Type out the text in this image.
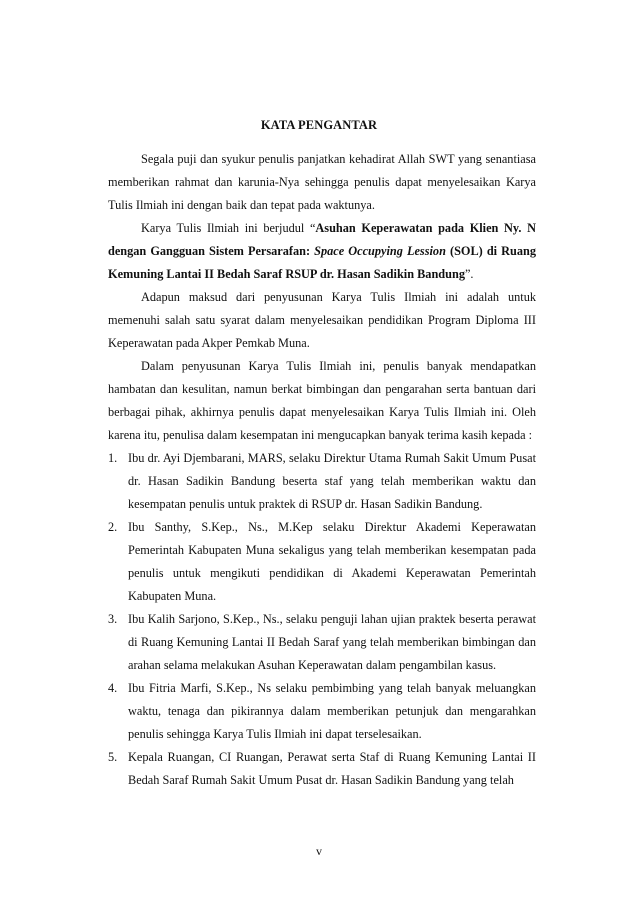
KATA PENGANTAR

Segala puji dan syukur penulis panjatkan kehadirat Allah SWT yang senantiasa memberikan rahmat dan karunia-Nya sehingga penulis dapat menyelesaikan Karya Tulis Ilmiah ini dengan baik dan tepat pada waktunya.

Karya Tulis Ilmiah ini berjudul “Asuhan Keperawatan pada Klien Ny. N dengan Gangguan Sistem Persarafan: Space Occupying Lession (SOL) di Ruang Kemuning Lantai II Bedah Saraf RSUP dr. Hasan Sadikin Bandung”.

Adapun maksud dari penyusunan Karya Tulis Ilmiah ini adalah untuk memenuhi salah satu syarat dalam menyelesaikan pendidikan Program Diploma III Keperawatan pada Akper Pemkab Muna.

Dalam penyusunan Karya Tulis Ilmiah ini, penulis banyak mendapatkan hambatan dan kesulitan, namun berkat bimbingan dan pengarahan serta bantuan dari berbagai pihak, akhirnya penulis dapat menyelesaikan Karya Tulis Ilmiah ini. Oleh karena itu, penulisa dalam kesempatan ini mengucapkan banyak terima kasih kepada :

1. Ibu dr. Ayi Djembarani, MARS, selaku Direktur Utama Rumah Sakit Umum Pusat dr. Hasan Sadikin Bandung beserta staf yang telah memberikan waktu dan kesempatan penulis untuk praktek di RSUP dr. Hasan Sadikin Bandung.
2. Ibu Santhy, S.Kep., Ns., M.Kep selaku Direktur Akademi Keperawatan Pemerintah Kabupaten Muna sekaligus yang telah memberikan kesempatan pada penulis untuk mengikuti pendidikan di Akademi Keperawatan Pemerintah Kabupaten Muna.
3. Ibu Kalih Sarjono, S.Kep., Ns., selaku penguji lahan ujian praktek beserta perawat di Ruang Kemuning Lantai II Bedah Saraf yang telah memberikan bimbingan dan arahan selama melakukan Asuhan Keperawatan dalam pengambilan kasus.
4. Ibu Fitria Marfi, S.Kep., Ns selaku pembimbing yang telah banyak meluangkan waktu, tenaga dan pikirannya dalam memberikan petunjuk dan mengarahkan penulis sehingga Karya Tulis Ilmiah ini dapat terselesaikan.
5. Kepala Ruangan, CI Ruangan, Perawat serta Staf di Ruang Kemuning Lantai II Bedah Saraf Rumah Sakit Umum Pusat dr. Hasan Sadikin Bandung yang telah
v
